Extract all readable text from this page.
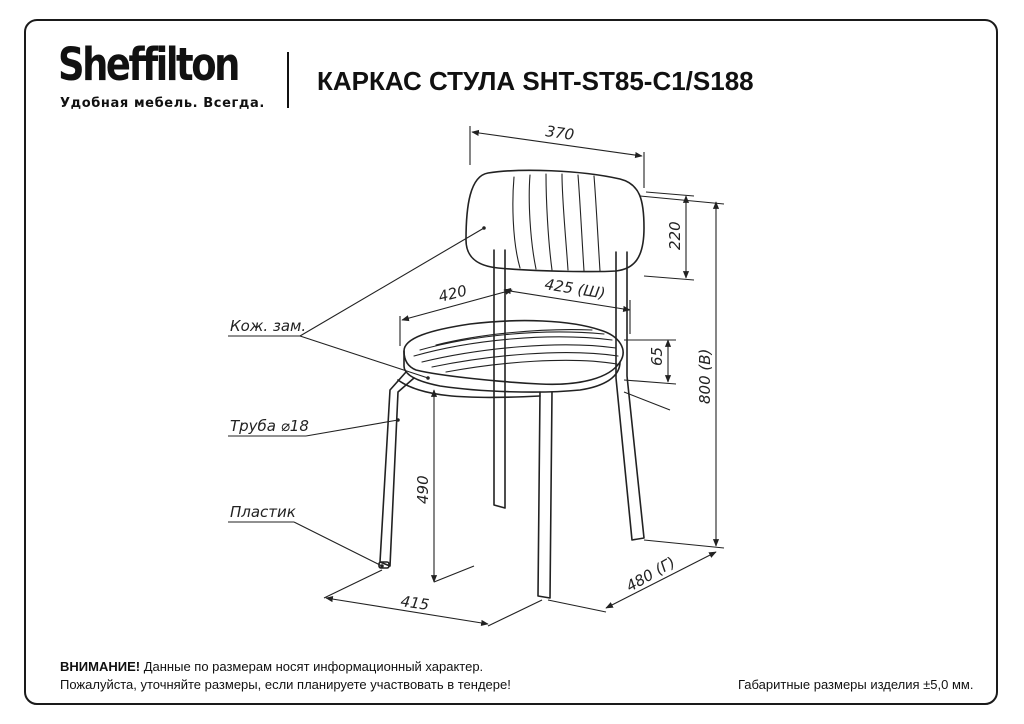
Sheffilton
Удобная мебель. Всегда.
КАРКАС СТУЛА SHT-ST85-C1/S188
370
220
420	425 (Ш)
65 800 (В)
490
415
480 (Г)
Кож. зам.
Труба ⌀18
Пластик
ВНИМАНИЕ! Данные по размерам носят информационный характер.
Пожалуйста, уточняйте размеры, если планируете участвовать в тендере!	Габаритные размеры изделия ±5,0 мм.
